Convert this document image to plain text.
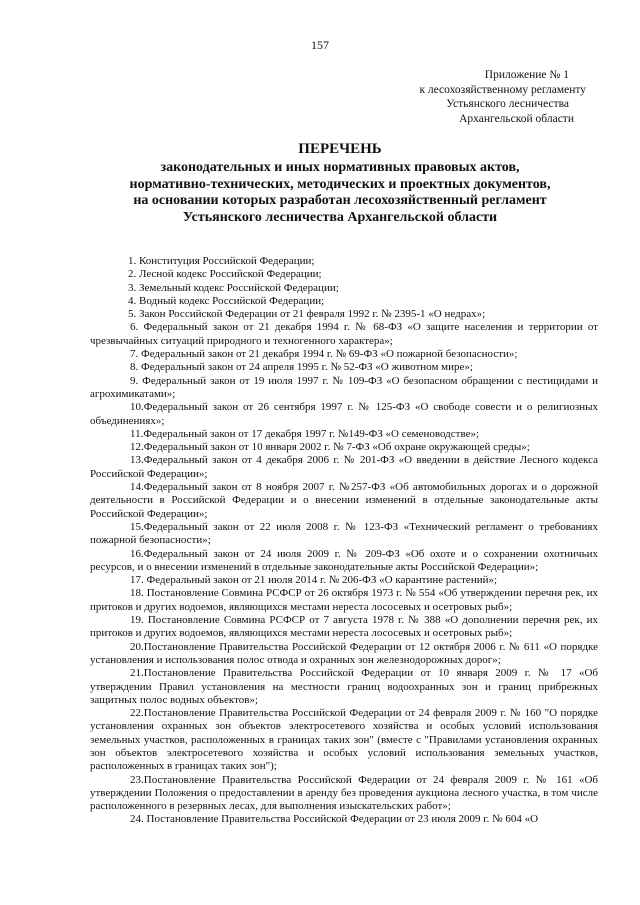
157
Приложение № 1
к лесохозяйственному регламенту
Устьянского лесничества
Архангельской области
ПЕРЕЧЕНЬ
законодательных и иных нормативных правовых актов,
нормативно-технических, методических и проектных документов,
на основании которых разработан лесохозяйственный регламент
Устьянского лесничества Архангельской области
1. Конституция Российской Федерации;
2. Лесной кодекс Российской Федерации;
3. Земельный кодекс Российской Федерации;
4. Водный кодекс Российской Федерации;
5. Закон Российской Федерации от 21 февраля 1992 г. № 2395-1 «О недрах»;
6. Федеральный закон от 21 декабря 1994 г. № 68-ФЗ «О защите населения и территории от чрезвычайных ситуаций природного и техногенного характера»;
7. Федеральный закон от 21 декабря 1994 г. № 69-ФЗ «О пожарной безопасности»;
8. Федеральный закон от 24 апреля 1995 г. № 52-ФЗ «О животном мире»;
9. Федеральный закон от 19 июля 1997 г. № 109-ФЗ «О безопасном обращении с пестицидами и агрохимикатами»;
10.Федеральный закон от 26 сентября 1997 г. № 125-ФЗ «О свободе совести и о религиозных объединениях»;
11.Федеральный закон от 17 декабря 1997 г. №149-ФЗ «О семеноводстве»;
12.Федеральный закон от 10 января 2002 г. № 7-ФЗ «Об охране окружающей среды»;
13.Федеральный закон от 4 декабря 2006 г. № 201-ФЗ «О введении в действие Лесного кодекса Российской Федерации»;
14.Федеральный закон от 8 ноября 2007 г. №257-ФЗ «Об автомобильных дорогах и о дорожной деятельности в Российской Федерации и о внесении изменений в отдельные законодательные акты Российской Федерации»;
15.Федеральный закон от 22 июля 2008 г. № 123-ФЗ «Технический регламент о требованиях пожарной безопасности»;
16.Федеральный закон от 24 июля 2009 г. № 209-ФЗ «Об охоте и о сохранении охотничьих ресурсов, и о внесении изменений в отдельные законодательные акты Российской Федерации»;
17. Федеральный закон от 21 июля 2014 г. № 206-ФЗ «О карантине растений»;
18. Постановление Совмина РСФСР от 26 октября 1973 г. № 554 «Об утверждении перечня рек, их притоков и других водоемов, являющихся местами нереста лососевых и осетровых рыб»;
19. Постановление Совмина РСФСР от 7 августа 1978 г. № 388 «О дополнении перечня рек, их притоков и других водоемов, являющихся местами нереста лососевых и осетровых рыб»;
20.Постановление Правительства Российской Федерации от 12 октября 2006 г. № 611 «О порядке установления и использования полос отвода и охранных зон железнодорожных дорог»;
21.Постановление Правительства Российской Федерации от 10 января 2009 г. № 17 «Об утверждении Правил установления на местности границ водоохранных зон и границ прибрежных защитных полос водных объектов»;
22.Постановление Правительства Российской Федерации от 24 февраля 2009 г. № 160 "О порядке установления охранных зон объектов электросетевого хозяйства и особых условий использования земельных участков, расположенных в границах таких зон" (вместе с "Правилами установления охранных зон объектов электросетевого хозяйства и особых условий использования земельных участков, расположенных в границах таких зон");
23.Постановление Правительства Российской Федерации от 24 февраля 2009 г. № 161 «Об утверждении Положения о предоставлении в аренду без проведения аукциона лесного участка, в том числе расположенного в резервных лесах, для выполнения изыскательских работ»;
24. Постановление Правительства Российской Федерации от 23 июля 2009 г. № 604 «О
